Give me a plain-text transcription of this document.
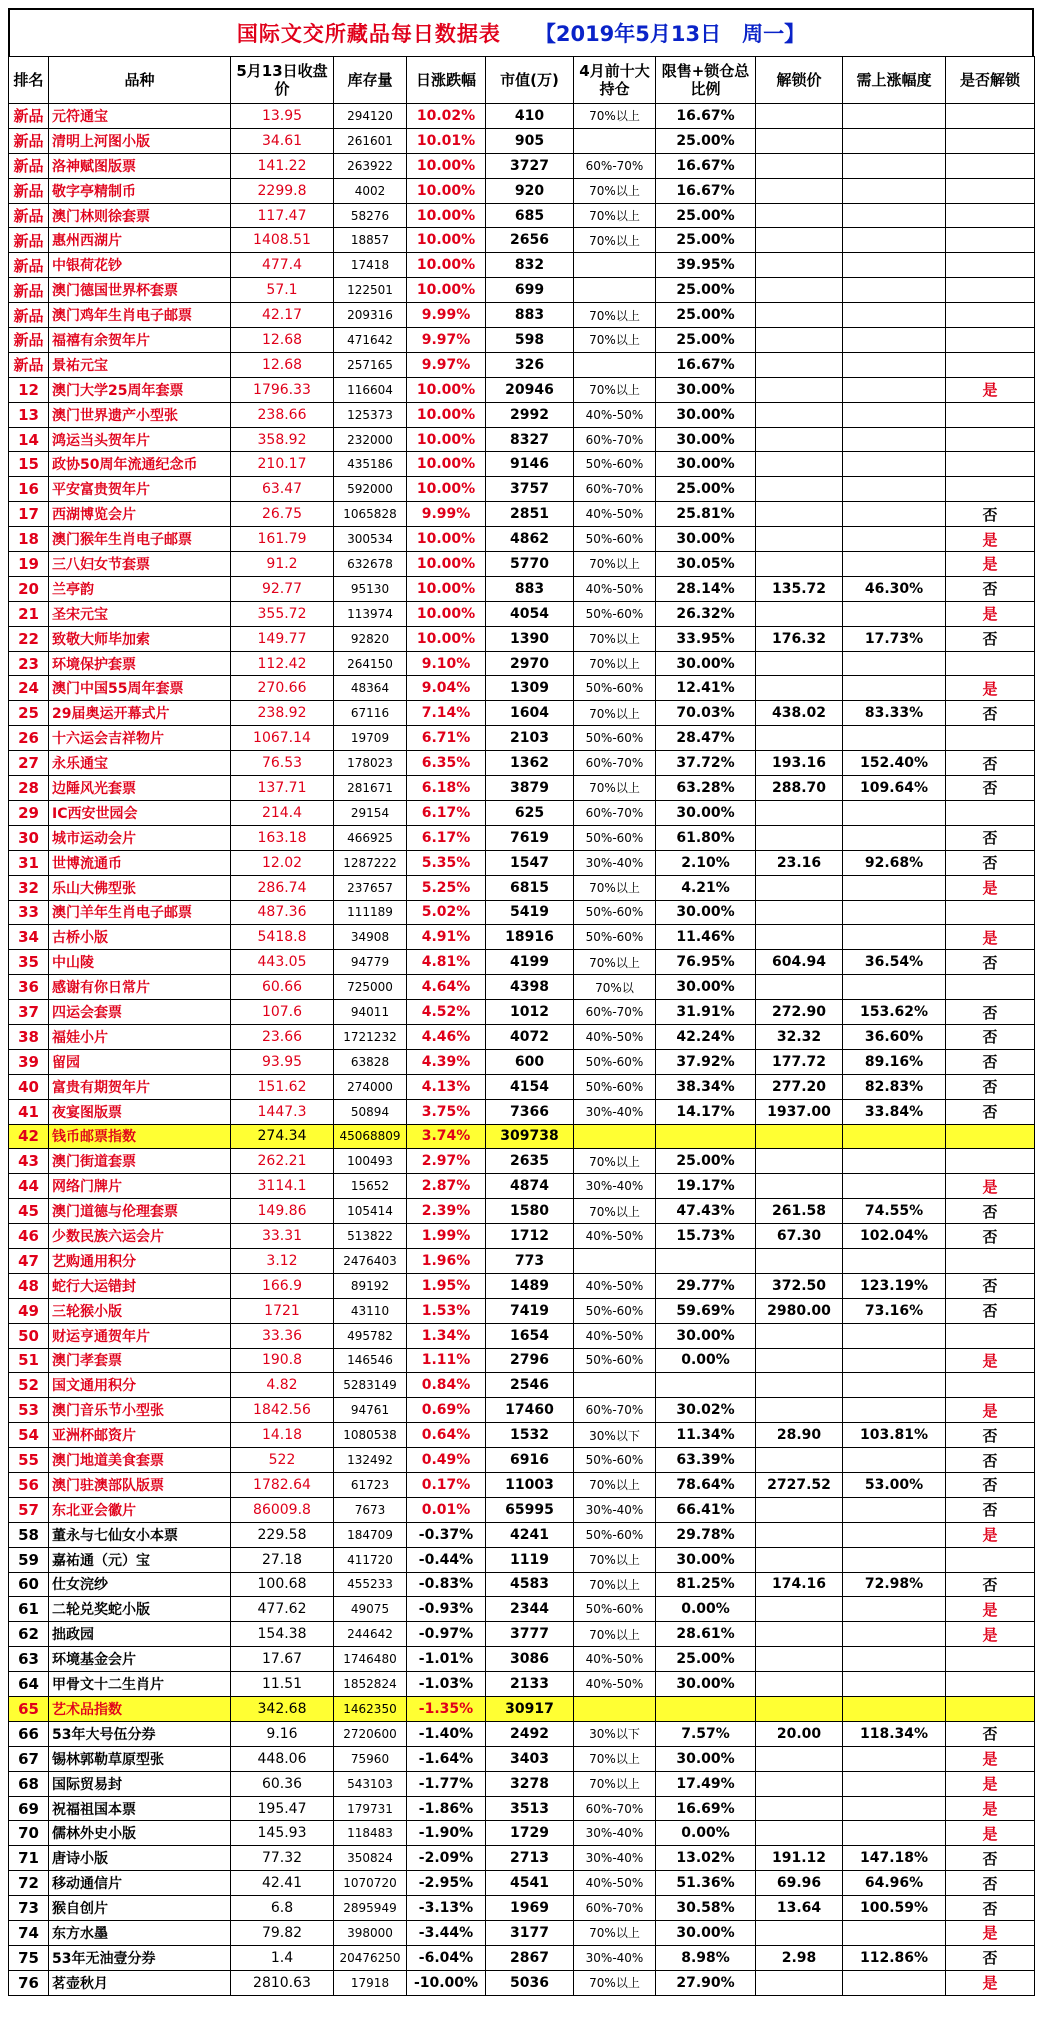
国际文交所藏品每日数据表 【2019年5月13日　周一】
排名	品种	5月13日收盘价	库存量	日涨跌幅	市值(万)	4月前十大持仓	限售+锁仓总比例	解锁价	需上涨幅度	是否解锁
新品	元符通宝	13.95	294120	10.02%	410	70%以上	16.67%			
新品	清明上河图小版	34.61	261601	10.01%	905		25.00%			
新品	洛神赋图版票	141.22	263922	10.00%	3727	60%-70%	16.67%			
新品	敬字亭精制币	2299.8	4002	10.00%	920	70%以上	16.67%			
新品	澳门林则徐套票	117.47	58276	10.00%	685	70%以上	25.00%			
新品	惠州西湖片	1408.51	18857	10.00%	2656	70%以上	25.00%			
新品	中银荷花钞	477.4	17418	10.00%	832		39.95%			
新品	澳门德国世界杯套票	57.1	122501	10.00%	699		25.00%			
新品	澳门鸡年生肖电子邮票	42.17	209316	9.99%	883	70%以上	25.00%			
新品	福禧有余贺年片	12.68	471642	9.97%	598	70%以上	25.00%			
新品	景祐元宝	12.68	257165	9.97%	326		16.67%			
12	澳门大学25周年套票	1796.33	116604	10.00%	20946	70%以上	30.00%			是
13	澳门世界遗产小型张	238.66	125373	10.00%	2992	40%-50%	30.00%			
14	鸿运当头贺年片	358.92	232000	10.00%	8327	60%-70%	30.00%			
15	政协50周年流通纪念币	210.17	435186	10.00%	9146	50%-60%	30.00%			
16	平安富贵贺年片	63.47	592000	10.00%	3757	60%-70%	25.00%			
17	西湖博览会片	26.75	1065828	9.99%	2851	40%-50%	25.81%			否
18	澳门猴年生肖电子邮票	161.79	300534	10.00%	4862	50%-60%	30.00%			是
19	三八妇女节套票	91.2	632678	10.00%	5770	70%以上	30.05%			是
20	兰亭韵	92.77	95130	10.00%	883	40%-50%	28.14%	135.72	46.30%	否
21	圣宋元宝	355.72	113974	10.00%	4054	50%-60%	26.32%			是
22	致敬大师毕加索	149.77	92820	10.00%	1390	70%以上	33.95%	176.32	17.73%	否
23	环境保护套票	112.42	264150	9.10%	2970	70%以上	30.00%			
24	澳门中国55周年套票	270.66	48364	9.04%	1309	50%-60%	12.41%			是
25	29届奥运开幕式片	238.92	67116	7.14%	1604	70%以上	70.03%	438.02	83.33%	否
26	十六运会吉祥物片	1067.14	19709	6.71%	2103	50%-60%	28.47%			
27	永乐通宝	76.53	178023	6.35%	1362	60%-70%	37.72%	193.16	152.40%	否
28	边陲风光套票	137.71	281671	6.18%	3879	70%以上	63.28%	288.70	109.64%	否
29	IC西安世园会	214.4	29154	6.17%	625	60%-70%	30.00%			
30	城市运动会片	163.18	466925	6.17%	7619	50%-60%	61.80%			否
31	世博流通币	12.02	1287222	5.35%	1547	30%-40%	2.10%	23.16	92.68%	否
32	乐山大佛型张	286.74	237657	5.25%	6815	70%以上	4.21%			是
33	澳门羊年生肖电子邮票	487.36	111189	5.02%	5419	50%-60%	30.00%			
34	古桥小版	5418.8	34908	4.91%	18916	50%-60%	11.46%			是
35	中山陵	443.05	94779	4.81%	4199	70%以上	76.95%	604.94	36.54%	否
36	感谢有你日常片	60.66	725000	4.64%	4398	70%以	30.00%			
37	四运会套票	107.6	94011	4.52%	1012	60%-70%	31.91%	272.90	153.62%	否
38	福娃小片	23.66	1721232	4.46%	4072	40%-50%	42.24%	32.32	36.60%	否
39	留园	93.95	63828	4.39%	600	50%-60%	37.92%	177.72	89.16%	否
40	富贵有期贺年片	151.62	274000	4.13%	4154	50%-60%	38.34%	277.20	82.83%	否
41	夜宴图版票	1447.3	50894	3.75%	7366	30%-40%	14.17%	1937.00	33.84%	否
42	钱币邮票指数	274.34	45068809	3.74%	309738					
43	澳门街道套票	262.21	100493	2.97%	2635	70%以上	25.00%			
44	网络门牌片	3114.1	15652	2.87%	4874	30%-40%	19.17%			是
45	澳门道德与伦理套票	149.86	105414	2.39%	1580	70%以上	47.43%	261.58	74.55%	否
46	少数民族六运会片	33.31	513822	1.99%	1712	40%-50%	15.73%	67.30	102.04%	否
47	艺购通用积分	3.12	2476403	1.96%	773					
48	蛇行大运错封	166.9	89192	1.95%	1489	40%-50%	29.77%	372.50	123.19%	否
49	三轮猴小版	1721	43110	1.53%	7419	50%-60%	59.69%	2980.00	73.16%	否
50	财运亨通贺年片	33.36	495782	1.34%	1654	40%-50%	30.00%			
51	澳门孝套票	190.8	146546	1.11%	2796	50%-60%	0.00%			是
52	国文通用积分	4.82	5283149	0.84%	2546					
53	澳门音乐节小型张	1842.56	94761	0.69%	17460	60%-70%	30.02%			是
54	亚洲杯邮资片	14.18	1080538	0.64%	1532	30%以下	11.34%	28.90	103.81%	否
55	澳门地道美食套票	522	132492	0.49%	6916	50%-60%	63.39%			否
56	澳门驻澳部队版票	1782.64	61723	0.17%	11003	70%以上	78.64%	2727.52	53.00%	否
57	东北亚会徽片	86009.8	7673	0.01%	65995	30%-40%	66.41%			否
58	董永与七仙女小本票	229.58	184709	-0.37%	4241	50%-60%	29.78%			是
59	嘉祐通（元）宝	27.18	411720	-0.44%	1119	70%以上	30.00%			
60	仕女浣纱	100.68	455233	-0.83%	4583	70%以上	81.25%	174.16	72.98%	否
61	二轮兑奖蛇小版	477.62	49075	-0.93%	2344	50%-60%	0.00%			是
62	拙政园	154.38	244642	-0.97%	3777	70%以上	28.61%			是
63	环境基金会片	17.67	1746480	-1.01%	3086	40%-50%	25.00%			
64	甲骨文十二生肖片	11.51	1852824	-1.03%	2133	40%-50%	30.00%			
65	艺术品指数	342.68	1462350	-1.35%	30917					
66	53年大号伍分券	9.16	2720600	-1.40%	2492	30%以下	7.57%	20.00	118.34%	否
67	锡林郭勒草原型张	448.06	75960	-1.64%	3403	70%以上	30.00%			是
68	国际贸易封	60.36	543103	-1.77%	3278	70%以上	17.49%			是
69	祝福祖国本票	195.47	179731	-1.86%	3513	60%-70%	16.69%			是
70	儒林外史小版	145.93	118483	-1.90%	1729	30%-40%	0.00%			是
71	唐诗小版	77.32	350824	-2.09%	2713	30%-40%	13.02%	191.12	147.18%	否
72	移动通信片	42.41	1070720	-2.95%	4541	40%-50%	51.36%	69.96	64.96%	否
73	猴自创片	6.8	2895949	-3.13%	1969	60%-70%	30.58%	13.64	100.59%	否
74	东方水墨	79.82	398000	-3.44%	3177	70%以上	30.00%			是
75	53年无油壹分券	1.4	20476250	-6.04%	2867	30%-40%	8.98%	2.98	112.86%	否
76	茗壶秋月	2810.63	17918	-10.00%	5036	70%以上	27.90%			是
